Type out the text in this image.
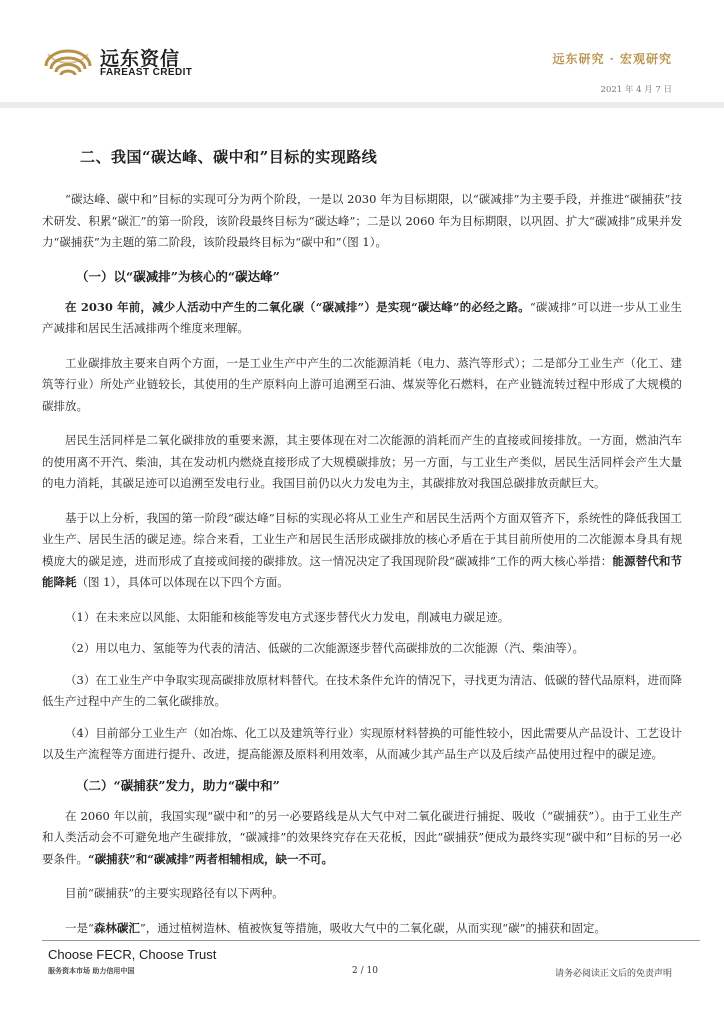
远东资信
FAREAST CREDIT
远东研究 · 宏观研究
2021 年 4 月 7 日
二、我国“碳达峰、碳中和”目标的实现路线

“碳达峰、碳中和”目标的实现可分为两个阶段，一是以 2030 年为目标期限，以“碳减排”为主要手段，并推进“碳捕获”技术研发、积累“碳汇”的第一阶段，该阶段最终目标为“碳达峰”；二是以 2060 年为目标期限，以巩固、扩大“碳减排”成果并发力“碳捕获”为主题的第二阶段，该阶段最终目标为“碳中和”（图 1）。

（一）以“碳减排”为核心的“碳达峰”

在 2030 年前，减少人活动中产生的二氧化碳（“碳减排”）是实现“碳达峰”的必经之路。“碳减排”可以进一步从工业生产减排和居民生活减排两个维度来理解。

工业碳排放主要来自两个方面，一是工业生产中产生的二次能源消耗（电力、蒸汽等形式）；二是部分工业生产（化工、建筑等行业）所处产业链较长，其使用的生产原料向上游可追溯至石油、煤炭等化石燃料，在产业链流转过程中形成了大规模的碳排放。

居民生活同样是二氧化碳排放的重要来源，其主要体现在对二次能源的消耗而产生的直接或间接排放。一方面，燃油汽车的使用离不开汽、柴油，其在发动机内燃烧直接形成了大规模碳排放；另一方面，与工业生产类似，居民生活同样会产生大量的电力消耗，其碳足迹可以追溯至发电行业。我国目前仍以火力发电为主，其碳排放对我国总碳排放贡献巨大。

基于以上分析，我国的第一阶段“碳达峰”目标的实现必将从工业生产和居民生活两个方面双管齐下，系统性的降低我国工业生产、居民生活的碳足迹。综合来看，工业生产和居民生活形成碳排放的核心矛盾在于其目前所使用的二次能源本身具有规模庞大的碳足迹，进而形成了直接或间接的碳排放。这一情况决定了我国现阶段“碳减排”工作的两大核心举措：能源替代和节能降耗（图 1），具体可以体现在以下四个方面。

（1）在未来应以风能、太阳能和核能等发电方式逐步替代火力发电，削减电力碳足迹。

（2）用以电力、氢能等为代表的清洁、低碳的二次能源逐步替代高碳排放的二次能源（汽、柴油等）。

（3）在工业生产中争取实现高碳排放原材料替代。在技术条件允许的情况下，寻找更为清洁、低碳的替代品原料，进而降低生产过程中产生的二氧化碳排放。

（4）目前部分工业生产（如冶炼、化工以及建筑等行业）实现原材料替换的可能性较小，因此需要从产品设计、工艺设计以及生产流程等方面进行提升、改进，提高能源及原料利用效率，从而减少其产品生产以及后续产品使用过程中的碳足迹。

（二）“碳捕获”发力，助力“碳中和”

在 2060 年以前，我国实现“碳中和”的另一必要路线是从大气中对二氧化碳进行捕捉、吸收（“碳捕获”）。由于工业生产和人类活动会不可避免地产生碳排放，“碳减排”的效果终究存在天花板，因此“碳捕获”便成为最终实现“碳中和”目标的另一必要条件。“碳捕获”和“碳减排”两者相辅相成，缺一不可。

目前“碳捕获”的主要实现路径有以下两种。

一是“森林碳汇”，通过植树造林、植被恢复等措施，吸收大气中的二氧化碳，从而实现“碳”的捕获和固定。

Choose FECR, Choose Trust
服务资本市场 助力信用中国	2 / 10	请务必阅读正文后的免责声明
